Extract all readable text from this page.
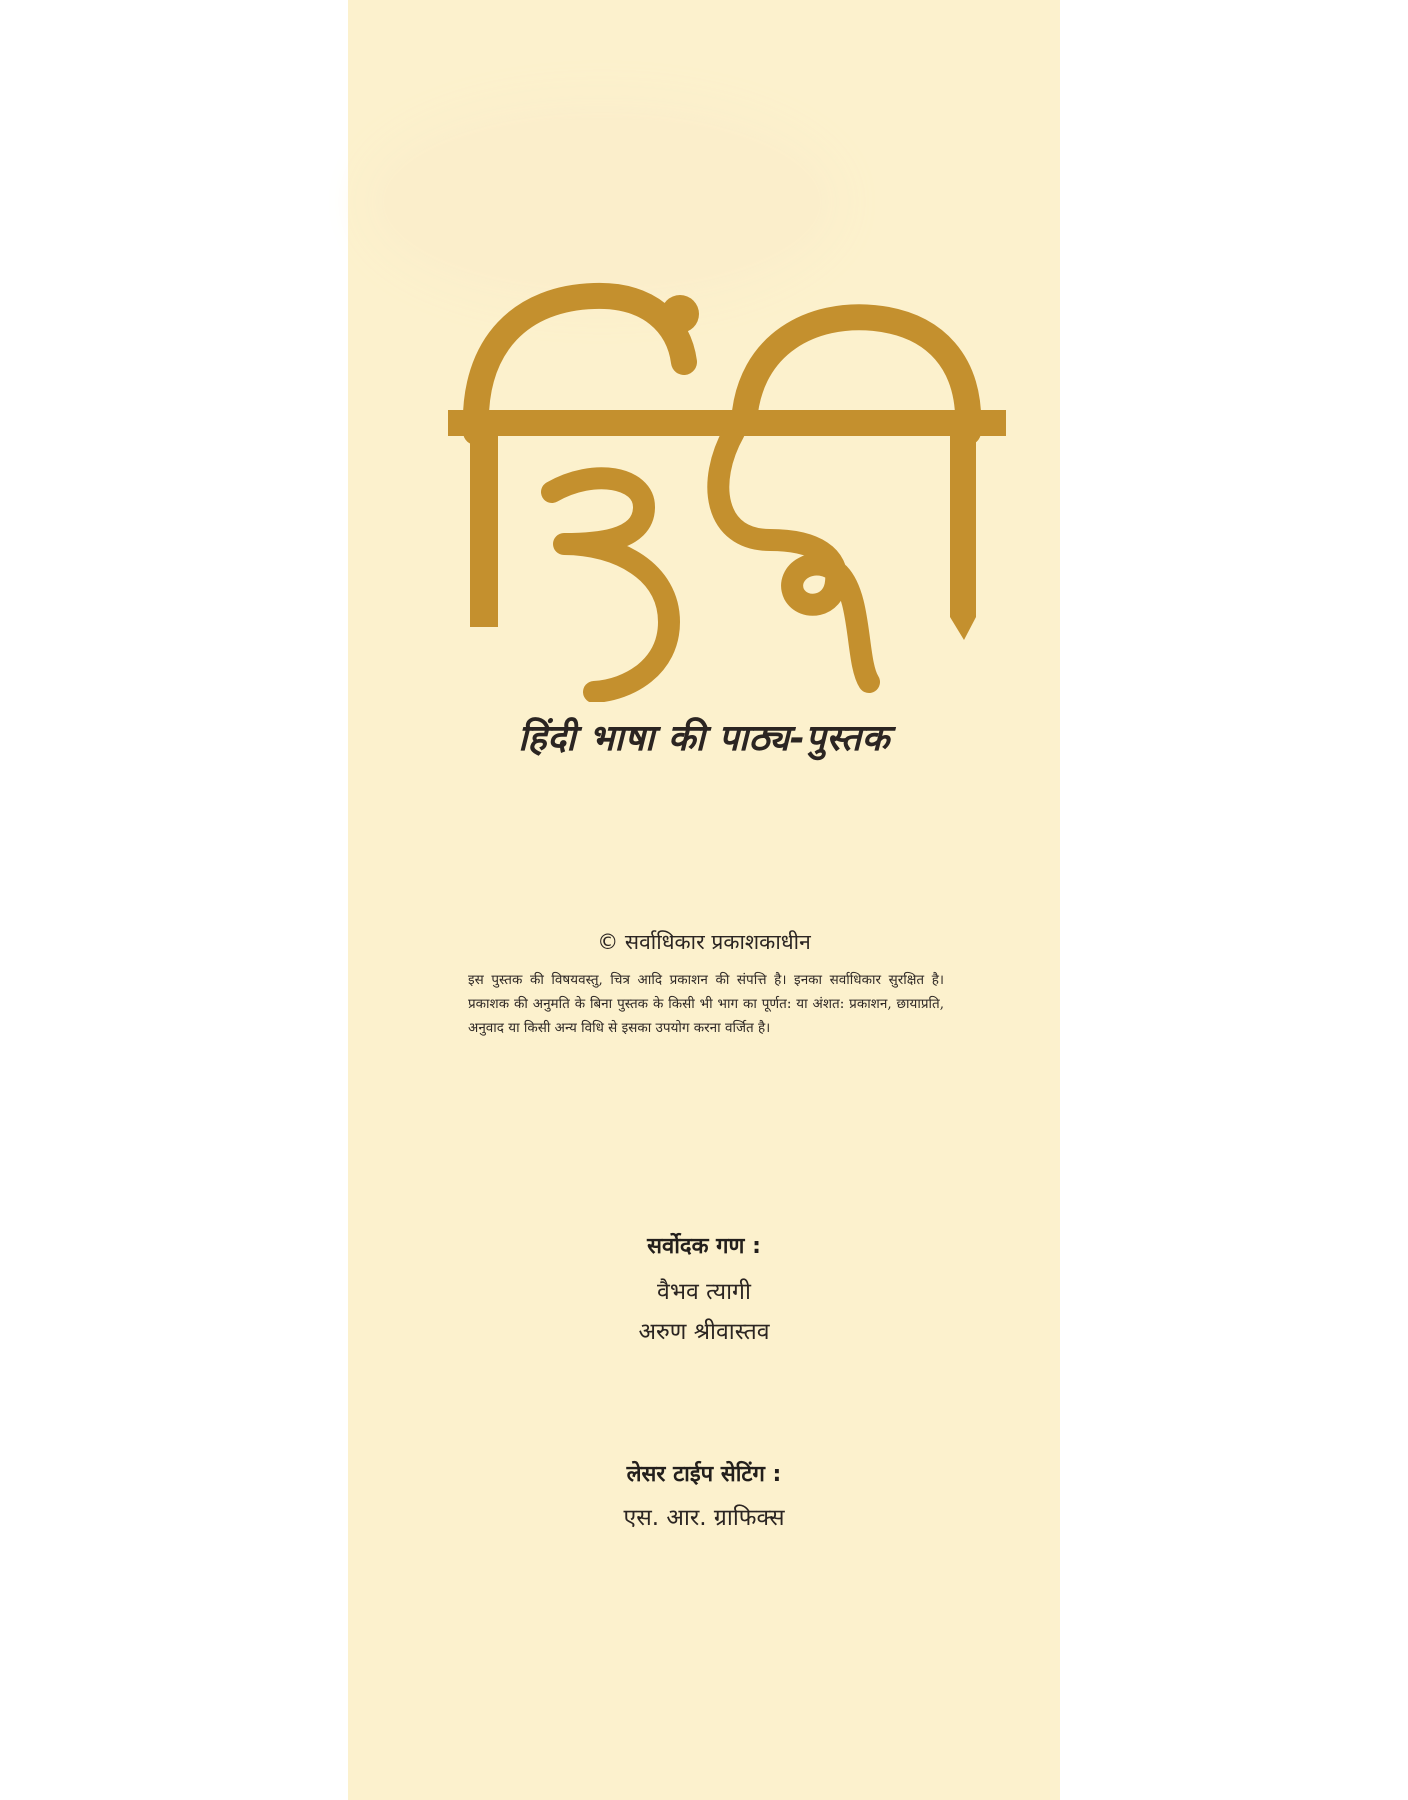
हिंदी भाषा की पाठ्य-पुस्तक
© सर्वाधिकार प्रकाशकाधीन
इस पुस्तक की विषयवस्तु, चित्र आदि प्रकाशन की संपत्ति है। इनका सर्वाधिकार सुरक्षित है। प्रकाशक की अनुमति के बिना पुस्तक के किसी भी भाग का पूर्णत: या अंशत: प्रकाशन, छायाप्रति, अनुवाद या किसी अन्य विधि से इसका उपयोग करना वर्जित है।
सर्वोदक गण :
वैभव त्यागी
अरुण श्रीवास्तव
लेसर टाईप सेटिंग :
एस. आर. ग्राफिक्स
